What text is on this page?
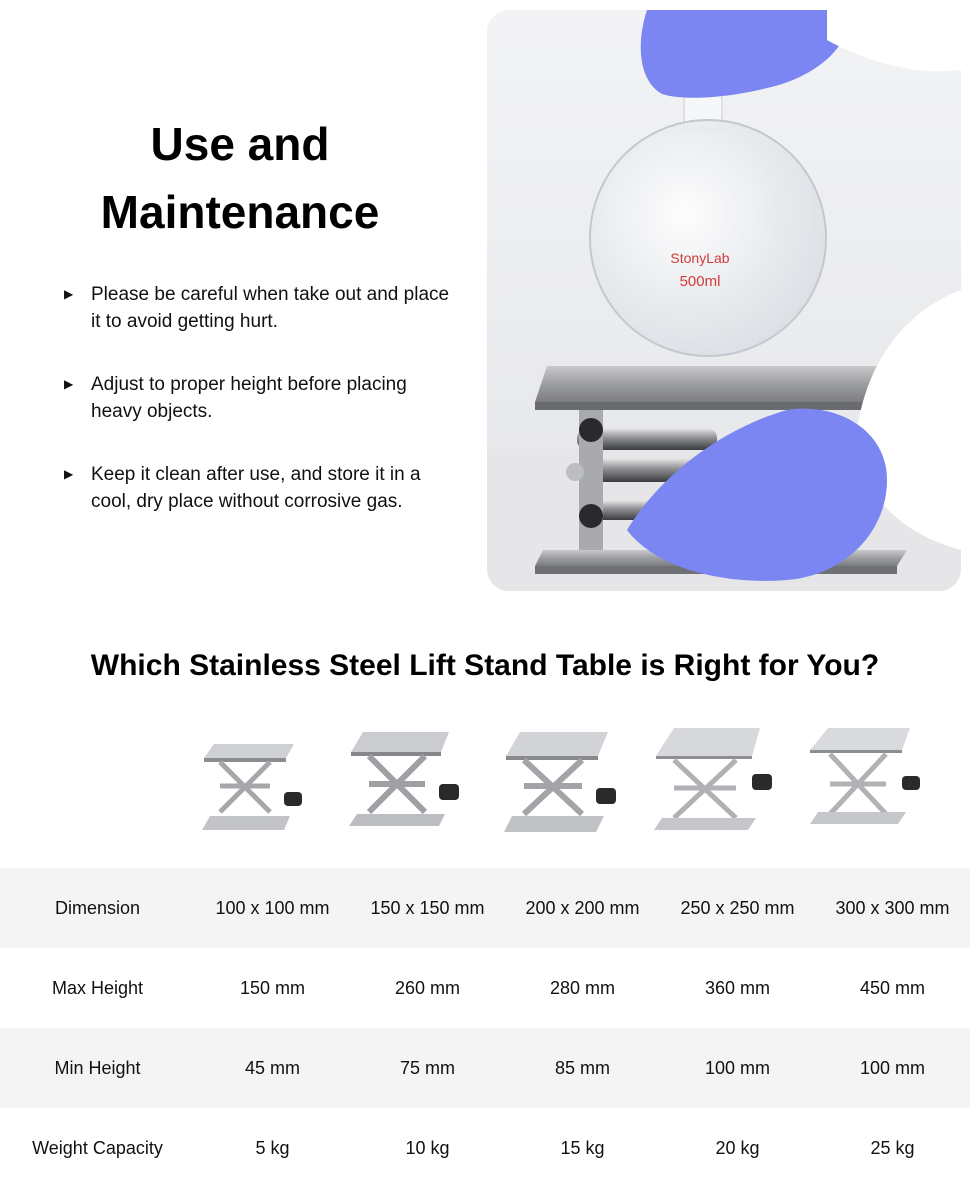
Use and
Maintenance
▶ Please be careful when take out and place it to avoid getting hurt.
▶ Adjust to proper height before placing heavy objects.
▶ Keep it clean after use, and store it in a cool, dry place without corrosive gas.
StonyLab
500ml
Which Stainless Steel Lift Stand Table is Right for You?
Dimension	100 x 100 mm	150 x 150 mm	200 x 200 mm	250 x 250 mm	300 x 300 mm
Max Height	150 mm	260 mm	280 mm	360 mm	450 mm
Min Height	45 mm	75 mm	85 mm	100 mm	100 mm
Weight Capacity	5 kg	10 kg	15 kg	20 kg	25 kg
